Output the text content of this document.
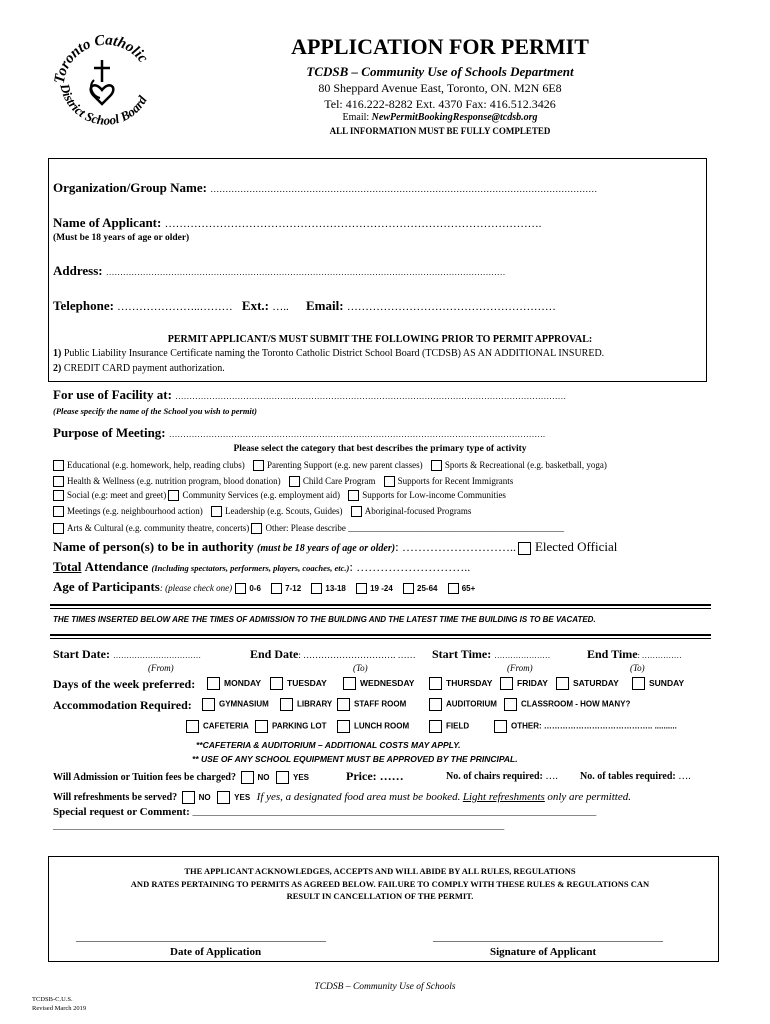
Toronto Catholic
District School Board
APPLICATION FOR PERMIT
TCDSB – Community Use of Schools Department
80 Sheppard Avenue East, Toronto, ON. M2N 6E8
Tel: 416.222-8282 Ext. 4370 Fax: 416.512.3426
Email: NewPermitBookingResponse@tcdsb.org
ALL INFORMATION MUST BE FULLY COMPLETED
Organization/Group Name: …………………………………………………………………………………………………………………
Name of Applicant: ………………………………………………………………………………………….
(Must be 18 years of age or older)
Address: ……………………………………………………………………………………………………………………………
Telephone: …………………..……… Ext.: ….. Email: …………………………………………………
PERMIT APPLICANT/S MUST SUBMIT THE FOLLOWING PRIOR TO PERMIT APPROVAL:
1) Public Liability Insurance Certificate naming the Toronto Catholic District School Board (TCDSB) AS AN ADDITIONAL INSURED.
2) CREDIT CARD payment authorization.
For use of Facility at: …………………………………………………………………………………………………………………………
(Please specify the name of the School you wish to permit)
Purpose of Meeting: …………………………………………………………………………………………………………………….
Please select the category that best describes the primary type of activity
Educational (e.g. homework, help, reading clubs) Parenting Support (e.g. new parent classes) Sports & Recreational (e.g. basketball, yoga)
Health & Wellness (e.g. nutrition program, blood donation) Child Care Program Supports for Recent Immigrants
Social (e.g: meet and greet) Community Services (e.g. employment aid) Supports for Low-income Communities
Meetings (e.g. neighbourhood action) Leadership (e.g. Scouts, Guides) Aboriginal-focused Programs
Arts & Cultural (e.g. community theatre, concerts) Other: Please describe ________________________________________________
Name of person(s) to be in authority (must be 18 years of age or older): ……………………….. Elected Official
Total Attendance (Including spectators, performers, players, coaches, etc.): ………………………..
Age of Participants: (please check one) 0-6	7-12	13-18	19 -24	25-64	65+
THE TIMES INSERTED BELOW ARE THE TIMES OF ADMISSION TO THE BUILDING AND THE LATEST TIME THE BUILDING IS TO BE VACATED.
Start Date: ……………………………	End Date: …………………………. …… Start Time: …………………	End Time: ……………
(From)	(To)	(From)	(To)
Days of the week preferred:	MONDAY	TUESDAY	WEDNESDAY	THURSDAY	FRIDAY	SATURDAY	SUNDAY
Accommodation Required:	GYMNASIUM	LIBRARY	STAFF ROOM	AUDITORIUM	CLASSROOM - HOW MANY?
CAFETERIA	PARKING LOT	LUNCH ROOM	FIELD	OTHER: ………………………………….. ..........
**CAFETERIA & AUDITORIUM – ADDITIONAL COSTS MAY APPLY.
** USE OF ANY SCHOOL EQUIPMENT MUST BE APPROVED BY THE PRINCIPAL.
Will Admission or Tuition fees be charged?	NO	YES	Price: ……	No. of chairs required: …. No. of tables required: ….
Will refreshments be served?	NO	YES If yes, a designated food area must be booked. Light refreshments only are permitted.
Special request or Comment: _____________________________________________________________________________________
_______________________________________________________________________________________________
THE APPLICANT ACKNOWLEDGES, ACCEPTS AND WILL ABIDE BY ALL RULES, REGULATIONS
AND RATES PERTAINING TO PERMITS AS AGREED BELOW. FAILURE TO COMPLY WITH THESE RULES & REGULATIONS CAN
RESULT IN CANCELLATION OF THE PERMIT.
__________________________________________________	______________________________________________
Date of Application	Signature of Applicant
TCDSB – Community Use of Schools
TCDSB-C.U.S.
Revised March 2019
